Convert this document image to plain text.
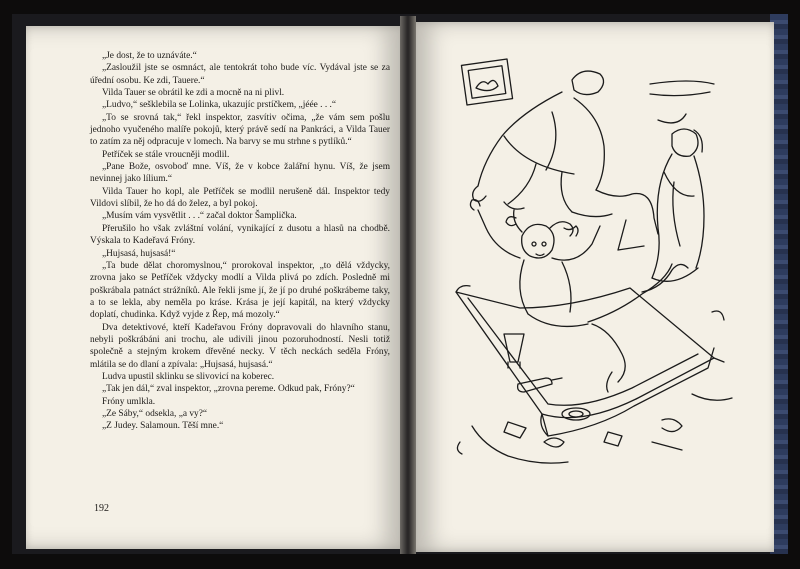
„Je dost, že to uznáváte.“

„Zasloužil jste se osmnáct, ale tentokrát toho bude víc. Vydával jste se za úřední osobu. Ke zdi, Tauere.“

Vilda Tauer se obrátil ke zdi a mocně na ni plivl.

„Ludvo,“ sešklebila se Lolinka, ukazujíc prstíčkem, „jéée . . .“

„To se srovná tak,“ řekl inspektor, zasvítiv očima, „že vám sem pošlu jednoho vyučeného malíře pokojů, který právě sedí na Pankráci, a Vilda Tauer to zatím za něj odpracuje v lomech. Na barvy se mu strhne s pytlíků.“

Petříček se stále vroucněji modlil.

„Pane Bože, osvoboď mne. Víš, že v kobce žalářní hynu. Víš, že jsem nevinnej jako lílium.“

Vilda Tauer ho kopl, ale Petříček se modlil nerušeně dál. Inspektor tedy Vildovi slíbil, že ho dá do želez, a byl pokoj.

„Musím vám vysvětlit . . .“ začal doktor Šamplička.

Přerušilo ho však zvláštní volání, vynikající z dusotu a hlasů na chodbě. Výskala to Kadeřavá Fróny.

„Hujsasá, hujsasá!“

„Ta bude dělat choromyslnou,“ prorokoval inspektor, „to dělá vždycky, zrovna jako se Petříček vždycky modlí a Vilda plivá po zdích. Posledně mi poškrábala patnáct strážníků. Ale řekli jsme jí, že jí po druhé poškrábeme taky, a to se lekla, aby neměla po kráse. Krása je její kapitál, na který vždycky doplatí, chudinka. Když vyjde z Řep, má mozoly.“

Dva detektivové, kteří Kadeřavou Fróny dopravovali do hlavního stanu, nebyli poškrábáni ani trochu, ale udivili jinou pozoruhodností. Nesli totiž společně a stejným krokem dřevěné necky. V těch neckách seděla Fróny, mlátila se do dlaní a zpívala: „Hujsasá, hujsasá.“

Ludva upustil sklinku se slivovicí na koberec.

„Tak jen dál,“ zval inspektor, „zrovna pereme. Odkud pak, Fróny?“

Fróny umlkla.

„Ze Sáby,“ odsekla, „a vy?“

„Z Judey. Salamoun. Těší mne.“

192
